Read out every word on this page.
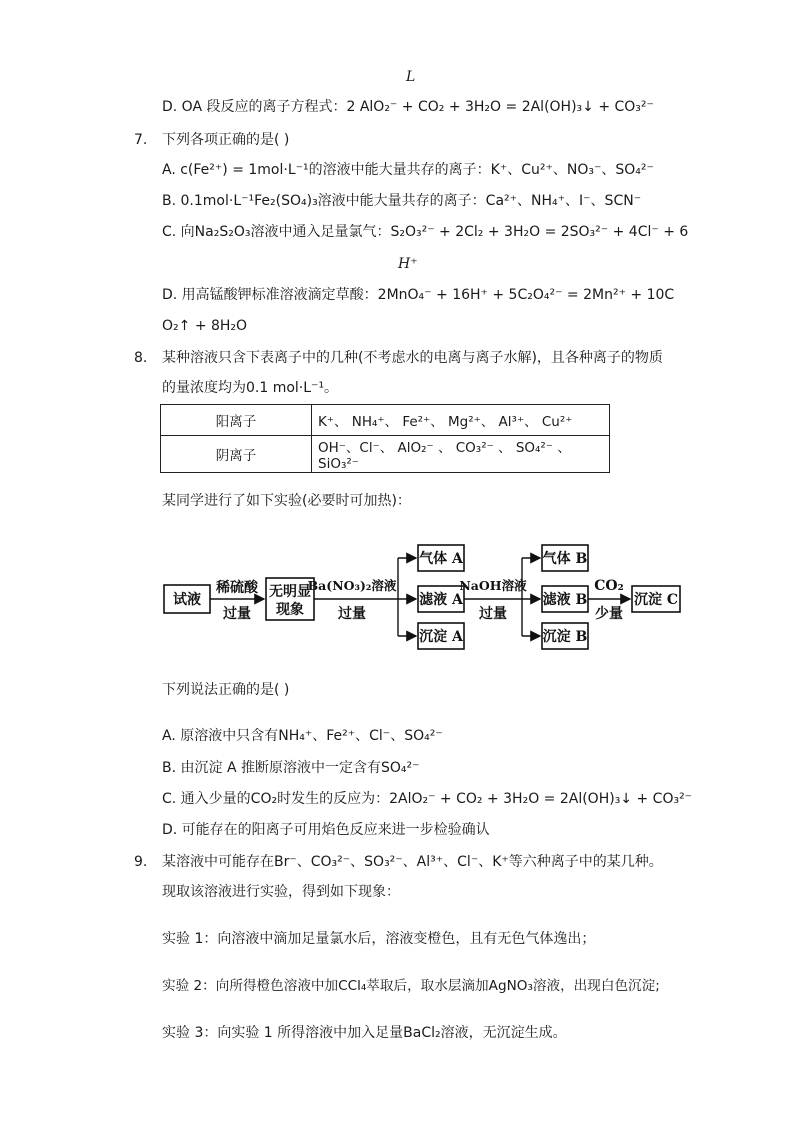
L
D. OA 段反应的离子方程式：2 AlO₂⁻ + CO₂ + 3H₂O = 2Al(OH)₃↓ + CO₃²⁻
7. 下列各项正确的是( )
A. c(Fe²⁺) = 1mol·L⁻¹的溶液中能大量共存的离子：K⁺、Cu²⁺、NO₃⁻、SO₄²⁻
B. 0.1mol·L⁻¹Fe₂(SO₄)₃溶液中能大量共存的离子：Ca²⁺、NH₄⁺、I⁻、SCN⁻
C. 向Na₂S₂O₃溶液中通入足量氯气：S₂O₃²⁻ + 2Cl₂ + 3H₂O = 2SO₃²⁻ + 4Cl⁻ + 6
H⁺
D. 用高锰酸钾标准溶液滴定草酸：2MnO₄⁻ + 16H⁺ + 5C₂O₄²⁻ = 2Mn²⁺ + 10C
O₂↑ + 8H₂O
8. 某种溶液只含下表离子中的几种(不考虑水的电离与离子水解)，且各种离子的物质
的量浓度均为0.1 mol·L⁻¹。
阳离子	K⁺、 NH₄⁺、 Fe²⁺、 Mg²⁺、 Al³⁺、 Cu²⁺
阴离子	OH⁻、Cl⁻、 AlO₂⁻ 、 CO₃²⁻ 、 SO₄²⁻ 、 SiO₃²⁻
某同学进行了如下实验(必要时可加热)：
试液
稀硫酸
过量
无明显
现象
Ba(NO₃)₂溶液
过量
气体 A
滤液 A
沉淀 A
NaOH溶液
过量
气体 B
滤液 B
沉淀 B
CO₂
少量
沉淀 C
下列说法正确的是( )
A. 原溶液中只含有NH₄⁺、Fe²⁺、Cl⁻、SO₄²⁻
B. 由沉淀 A 推断原溶液中一定含有SO₄²⁻
C. 通入少量的CO₂时发生的反应为：2AlO₂⁻ + CO₂ + 3H₂O = 2Al(OH)₃↓ + CO₃²⁻
D. 可能存在的阳离子可用焰色反应来进一步检验确认
9. 某溶液中可能存在Br⁻、CO₃²⁻、SO₃²⁻、Al³⁺、Cl⁻、K⁺等六种离子中的某几种。
现取该溶液进行实验，得到如下现象：
实验 1：向溶液中滴加足量氯水后，溶液变橙色，且有无色气体逸出；
实验 2：向所得橙色溶液中加CCl₄萃取后，取水层滴加AgNO₃溶液，出现白色沉淀;
实验 3：向实验 1 所得溶液中加入足量BaCl₂溶液，无沉淀生成。
